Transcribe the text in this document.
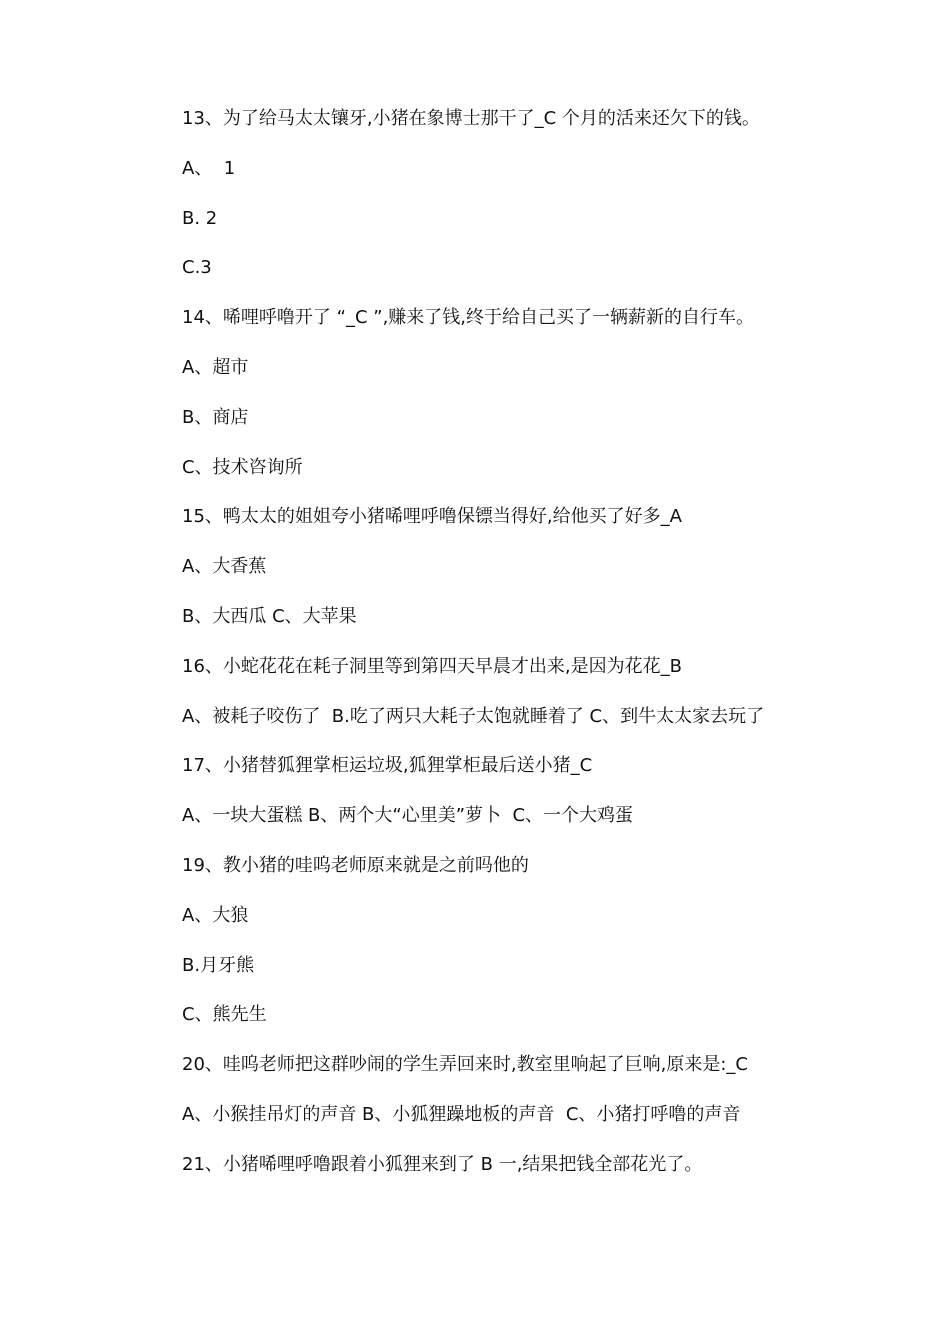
13、为了给马太太镶牙,小猪在象博士那干了_C 个月的活来还欠下的钱。
A、  1
B. 2
C.3
14、唏哩呼噜开了 “_C ”,赚来了钱,终于给自己买了一辆薪新的自行车。
A、超市
B、商店
C、技术咨询所
15、鸭太太的姐姐夸小猪唏哩呼噜保镖当得好,给他买了好多_A
A、大香蕉
B、大西瓜 C、大苹果
16、小蛇花花在耗子洞里等到第四天早晨才出来,是因为花花_B
A、被耗子咬伤了  B.吃了两只大耗子太饱就睡着了 C、到牛太太家去玩了
17、小猪替狐狸掌柜运垃圾,狐狸掌柜最后送小猪_C
A、一块大蛋糕 B、两个大“心里美”萝卜  C、一个大鸡蛋
19、教小猪的哇呜老师原来就是之前吗他的
A、大狼
B.月牙熊
C、熊先生
20、哇呜老师把这群吵闹的学生弄回来时,教室里响起了巨响,原来是:_C
A、小猴挂吊灯的声音 B、小狐狸躁地板的声音  C、小猪打呼噜的声音
21、小猪唏哩呼噜跟着小狐狸来到了 B 一,结果把钱全部花光了。
